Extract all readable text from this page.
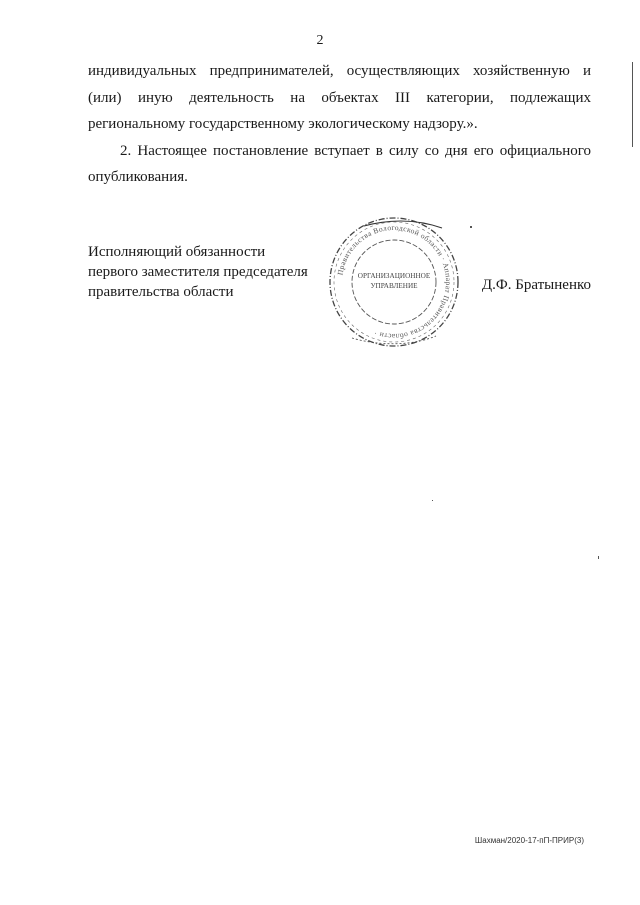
2

индивидуальных предпринимателей, осуществляющих хозяйственную и
(или) иную деятельность на объектах III категории, подлежащих
региональному государственному экологическому надзору.».

2. Настоящее постановление вступает в силу со дня его официального
опубликования.

Исполняющий обязанности
первого заместителя председателя
правительства области
Правительства Вологодской области · Аппарат Правительства области ·
ОРГАНИЗАЦИОННОЕ
УПРАВЛЕНИЕ	Д.Ф. Братыненко
Шахман/2020-17-пП-ПРИР(3)
